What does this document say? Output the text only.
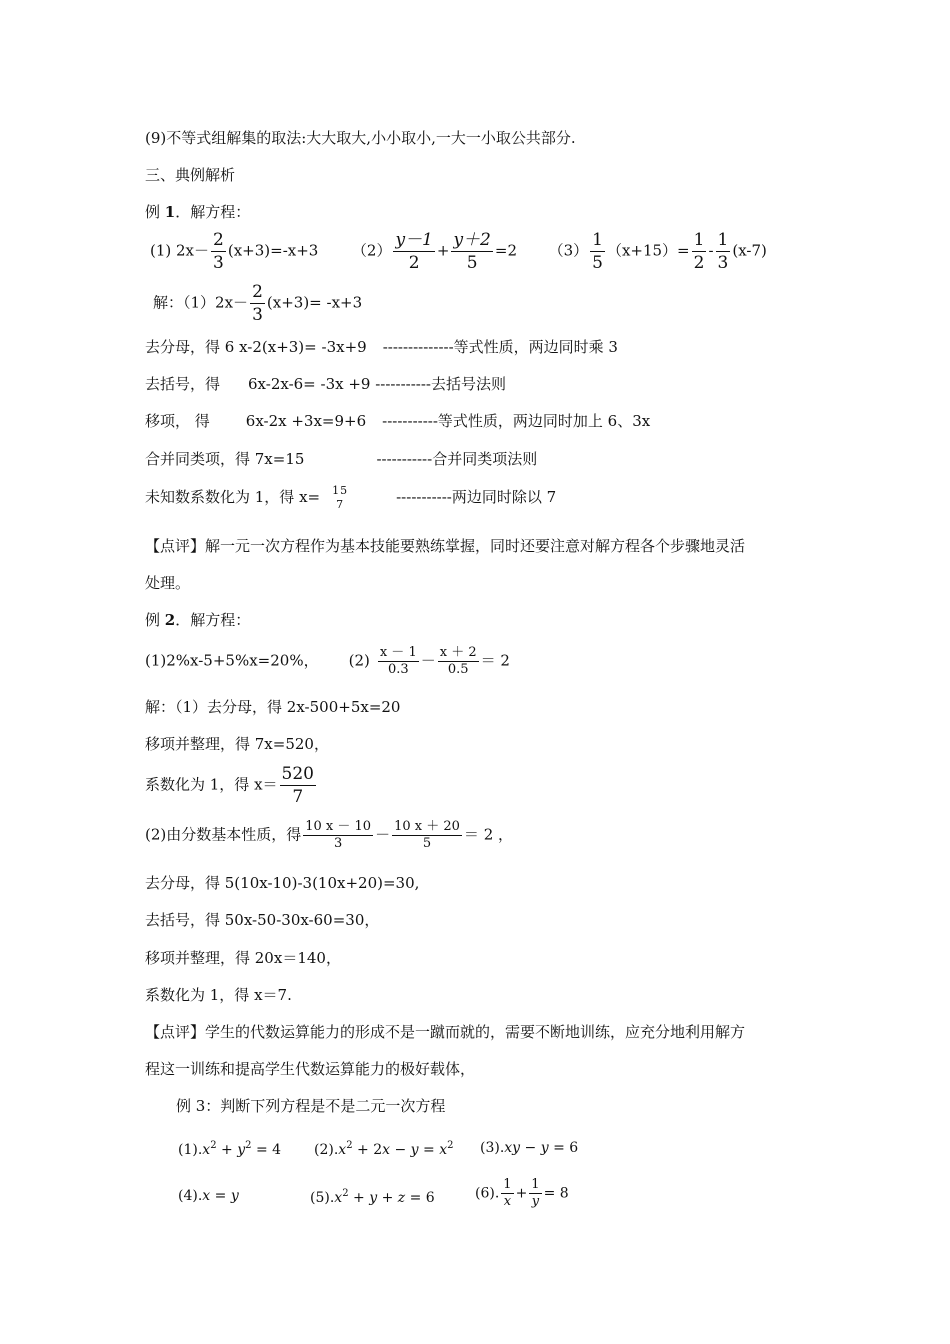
(9)不等式组解集的取法:大大取大,小小取小,一大一小取公共部分.
三、典例解析
例 1．解方程：
(1) $2x- \frac{2}{3} (x+3)=-x+3$ $(2) \frac{y-1}{2} + \frac{y+2}{5} =2$ $(3) \frac{1}{5} (x+15)= \frac{1}{2} - \frac{1}{3} (x-7)$
解：$(1)2x- \frac{2}{3} (x+3)= -x+3$
去分母，得 6 x-2(x+3)= -3x+9 --------------等式性质，两边同时乘 3
去括号，得 6x-2x-6= -3x +9 -----------去括号法则
移项， 得 6x-2x +3x=9+6 -----------等式性质，两边同时加上 6、3x
合并同类项，得 7x=15	-----------合并同类项法则
未知数系数化为 1，得 x= 15
7	-----------两边同时除以 7
【点评】解一元一次方程作为基本技能要熟练掌握，同时还要注意对解方程各个步骤地灵活
处理。
例 2．解方程：
(1)2%x-5+5%x=20%， $(2) \frac{x - 1}{0.3} - \frac{x + 2}{0.5} = 2$
解：（1）去分母，得 2x-500+5x=20
移项并整理，得 7x=520，
系数化为 1，得 $x= \frac{520}{7}$
(2)由分数基本性质，得 $\frac{10 x - 10}{3} - \frac{10 x + 20}{5} = 2$ ，
去分母，得 5(10x-10)-3(10x+20)=30,
去括号，得 50x-50-30x-60=30，
移项并整理，得 20x＝140，
系数化为 1，得 x＝7.
【点评】学生的代数运算能力的形成不是一蹴而就的，需要不断地训练，应充分地利用解方
程这一训练和提高学生代数运算能力的极好载体，
例 3：判断下列方程是不是二元一次方程
$(1).x^2 + y^2 = 4$ $(2).x^2 + 2x - y = x^2$ (3).xy − y = 6
(4).x = y	$(5).x^2 + y + z = 6$	(6). $\frac{1}{x} + \frac{1}{y} = 8$
